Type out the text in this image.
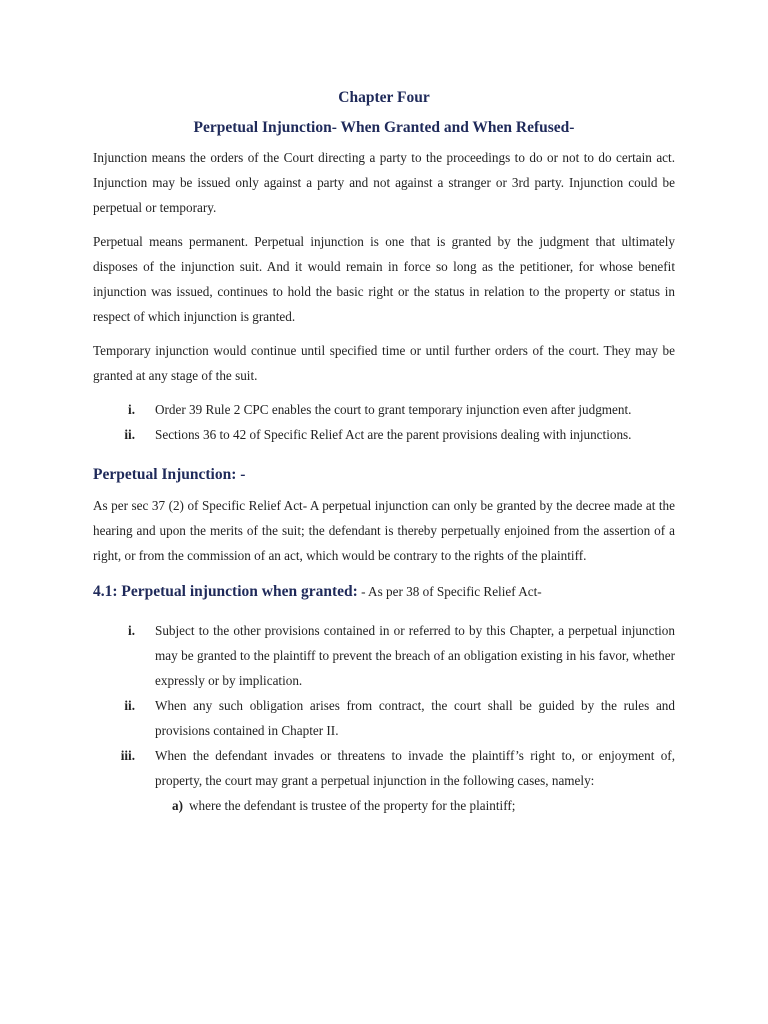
Chapter Four
Perpetual Injunction- When Granted and When Refused-

Injunction means the orders of the Court directing a party to the proceedings to do or not to do certain act. Injunction may be issued only against a party and not against a stranger or 3rd party. Injunction could be perpetual or temporary.

Perpetual means permanent. Perpetual injunction is one that is granted by the judgment that ultimately disposes of the injunction suit. And it would remain in force so long as the petitioner, for whose benefit injunction was issued, continues to hold the basic right or the status in relation to the property or status in respect of which injunction is granted.

Temporary injunction would continue until specified time or until further orders of the court. They may be granted at any stage of the suit.

i. Order 39 Rule 2 CPC enables the court to grant temporary injunction even after judgment.
ii. Sections 36 to 42 of Specific Relief Act are the parent provisions dealing with injunctions.
Perpetual Injunction: -

As per sec 37 (2) of Specific Relief Act- A perpetual injunction can only be granted by the decree made at the hearing and upon the merits of the suit; the defendant is thereby perpetually enjoined from the assertion of a right, or from the commission of an act, which would be contrary to the rights of the plaintiff.

4.1: Perpetual injunction when granted: - As per 38 of Specific Relief Act-
i. Subject to the other provisions contained in or referred to by this Chapter, a perpetual injunction may be granted to the plaintiff to prevent the breach of an obligation existing in his favor, whether expressly or by implication.
ii. When any such obligation arises from contract, the court shall be guided by the rules and provisions contained in Chapter II.
iii. When the defendant invades or threatens to invade the plaintiff’s right to, or enjoyment of, property, the court may grant a perpetual injunction in the following cases, namely:
a) where the defendant is trustee of the property for the plaintiff;
